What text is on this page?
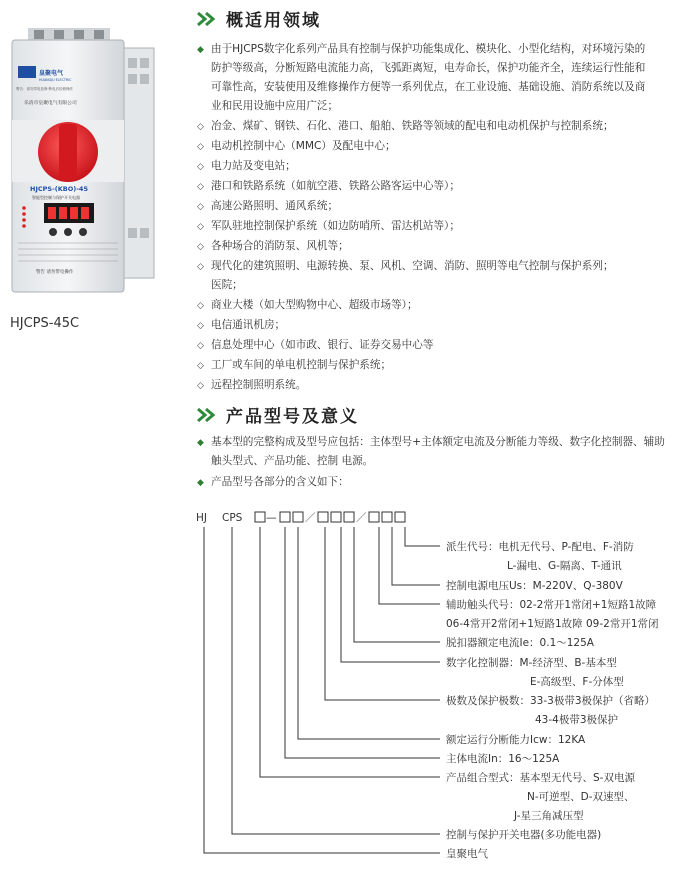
皇聚电气
HUANGJU ELECTRIC
警告：请勿带电检修·断电后检修操作
乐清市皇聚电气有限公司
HJCPS-(KBO)-45
智能型控制与保护开关电器
警告 请勿带电操作
HJCPS-45C
概适用领域
◆ 由于HJCPS数字化系列产品具有控制与保护功能集成化、模块化、小型化结构，对环境污染的
防护等级高，分断短路电流能力高，飞弧距离短，电寿命长，保护功能齐全，连续运行性能和
可靠性高，安装使用及维修操作方便等一系列优点，在工业设施、基础设施、消防系统以及商
业和民用设施中应用广泛；
◇ 冶金、煤矿、钢铁、石化、港口、船舶、铁路等领域的配电和电动机保护与控制系统；
◇ 电动机控制中心（MMC）及配电中心；
◇ 电力站及变电站；
◇ 港口和铁路系统（如航空港、铁路公路客运中心等）；
◇ 高速公路照明、通风系统；
◇ 军队驻地控制保护系统（如边防哨所、雷达机站等）；
◇ 各种场合的消防泵、风机等；
◇ 现代化的建筑照明、电源转换、泵、风机、空调、消防、照明等电气控制与保护系列；
医院；
◇ 商业大楼（如大型购物中心、超级市场等）；
◇ 电信通讯机房；
◇ 信息处理中心（如市政、银行、证券交易中心等
◇ 工厂或车间的单电机控制与保护系统；
◇ 远程控制照明系统。
产品型号及意义
◆ 基本型的完整构成及型号应包括：主体型号+主体额定电流及分断能力等级、数字化控制器、辅助
触头型式、产品功能、控制 电源。
◆ 产品型号各部分的含义如下：
HJ CPS —	／	／
派生代号：电机无代号、P-配电、F-消防
L-漏电、G-隔离、T-通讯
控制电源电压Us：M-220V、Q-380V
辅助触头代号：02-2常开1常闭+1短路1故障
06-4常开2常闭+1短路1故障 09-2常开1常闭
脱扣器额定电流Ie：0.1～125A
数字化控制器：M-经济型、B-基本型
E-高级型、F-分体型
极数及保护极数：33-3极带3极保护（省略）
43-4极带3极保护
额定运行分断能力Icw：12KA
主体电流In：16～125A
产品组合型式：基本型无代号、S-双电源
N-可逆型、D-双速型、
J-星三角减压型
控制与保护开关电器(多功能电器)
皇聚电气
